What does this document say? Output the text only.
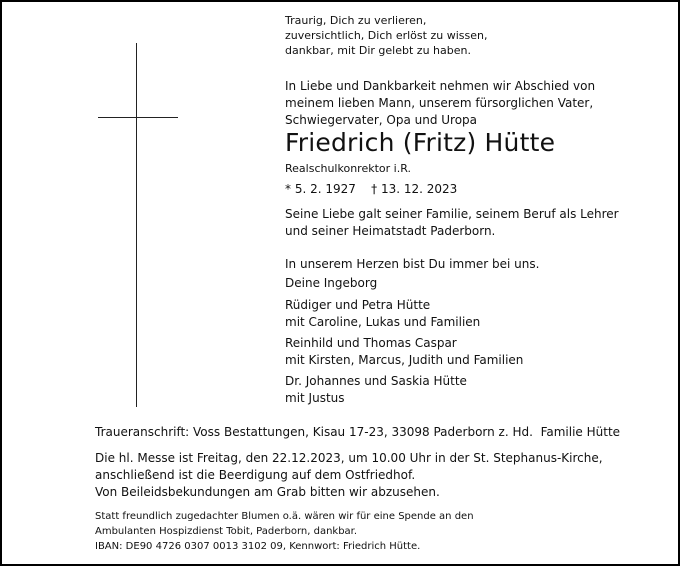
Traurig, Dich zu verlieren,
zuversichtlich, Dich erlöst zu wissen,
dankbar, mit Dir gelebt zu haben.
In Liebe und Dankbarkeit nehmen wir Abschied von
meinem lieben Mann, unserem fürsorglichen Vater,
Schwiegervater, Opa und Uropa
Friedrich (Fritz) Hütte
Realschulkonrektor i.R.
* 5. 2. 1927    † 13. 12. 2023
Seine Liebe galt seiner Familie, seinem Beruf als Lehrer
und seiner Heimatstadt Paderborn.
In unserem Herzen bist Du immer bei uns.
Deine Ingeborg
Rüdiger und Petra Hütte
mit Caroline, Lukas und Familien
Reinhild und Thomas Caspar
mit Kirsten, Marcus, Judith und Familien
Dr. Johannes und Saskia Hütte
mit Justus
Traueranschrift: Voss Bestattungen, Kisau 17-23, 33098 Paderborn z. Hd.  Familie Hütte
Die hl. Messe ist Freitag, den 22.12.2023, um 10.00 Uhr in der St. Stephanus-Kirche,
anschließend ist die Beerdigung auf dem Ostfriedhof.
Von Beileidsbekundungen am Grab bitten wir abzusehen.
Statt freundlich zugedachter Blumen o.ä. wären wir für eine Spende an den
Ambulanten Hospizdienst Tobit, Paderborn, dankbar.
IBAN: DE90 4726 0307 0013 3102 09, Kennwort: Friedrich Hütte.
